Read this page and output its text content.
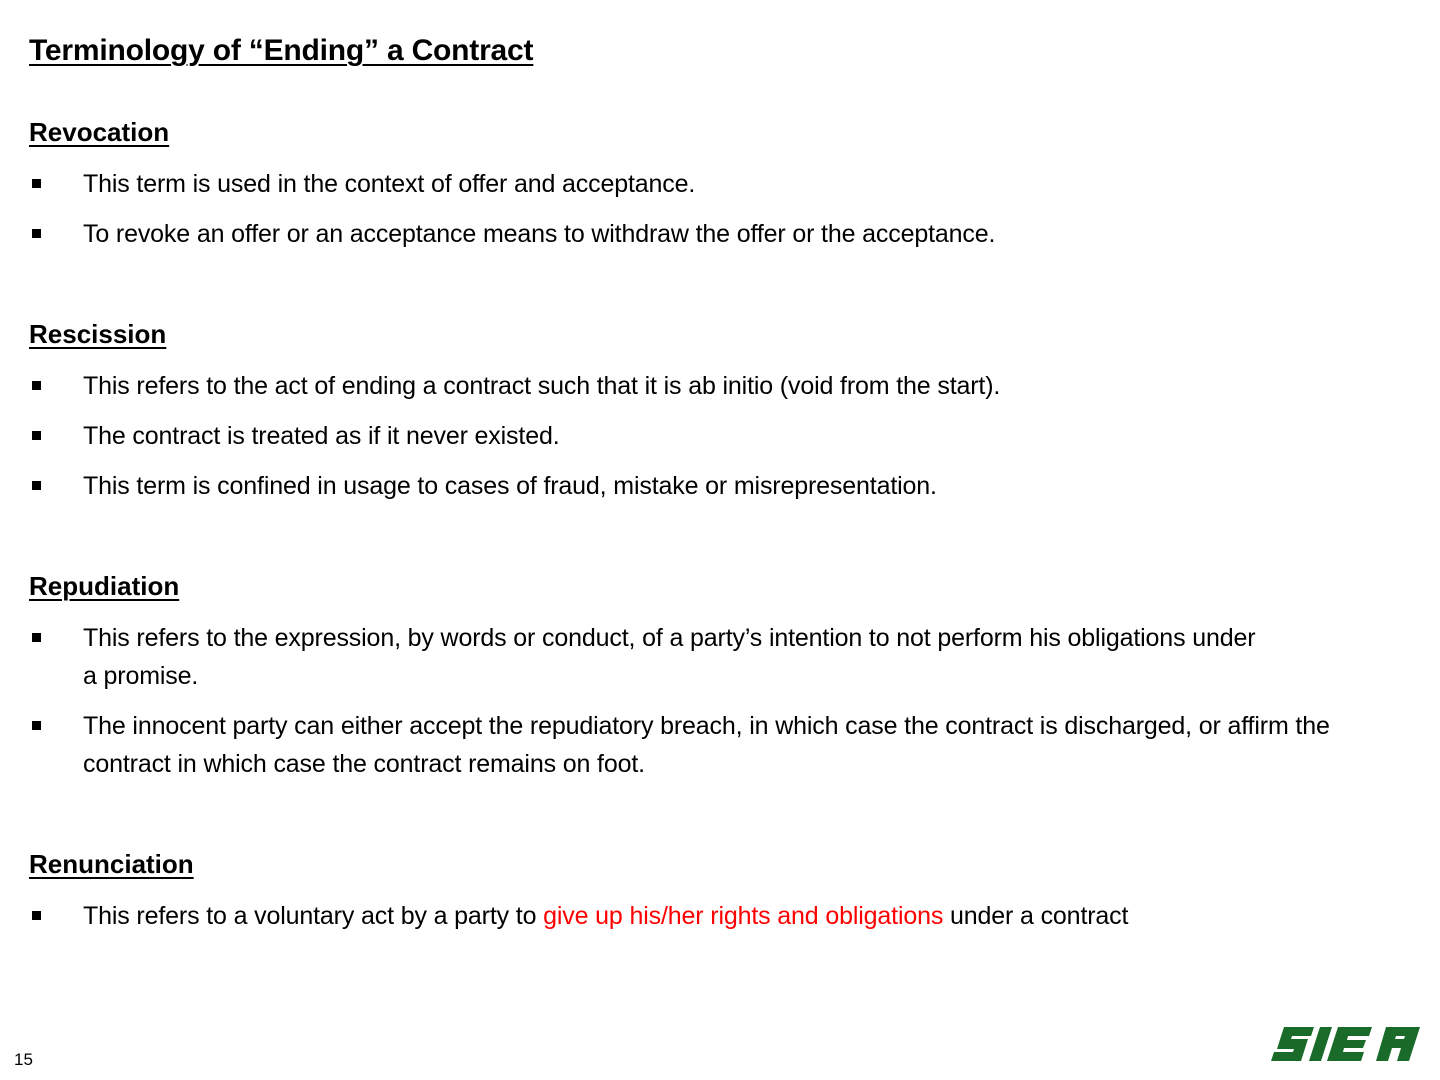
Terminology of “Ending” a Contract
Revocation
This term is used in the context of offer and acceptance.
To revoke an offer or an acceptance means to withdraw the offer or the acceptance.
Rescission
This refers to the act of ending a contract such that it is ab initio (void from the start).
The contract is treated as if it never existed.
This term is confined in usage to cases of fraud, mistake or misrepresentation.
Repudiation
This refers to the expression, by words or conduct, of a party’s intention to not perform his obligations under a promise.
The innocent party can either accept the repudiatory breach, in which case the contract is discharged, or affirm the contract in which case the contract remains on foot.
Renunciation
This refers to a voluntary act by a party to give up his/her rights and obligations under a contract
15
